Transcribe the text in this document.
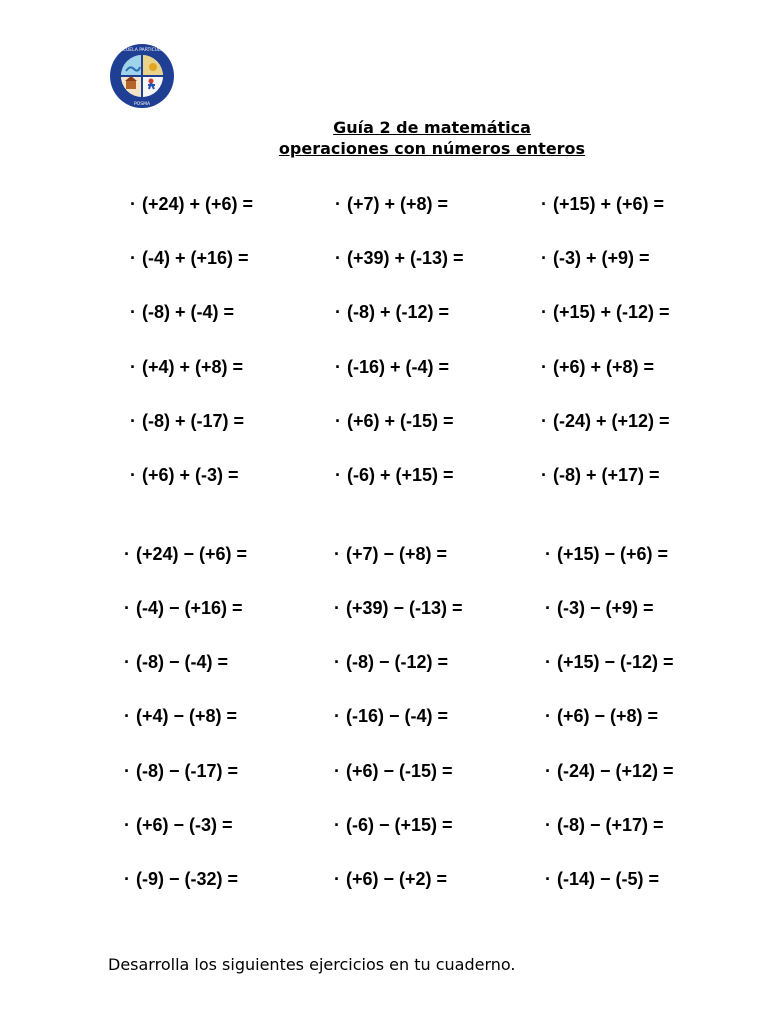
ESCUELA PARTICULAR
POSMA
Guía 2 de matemática
operaciones con números enteros
· (+24) + (+6) =	· (+7) + (+8) =	· (+15) + (+6) =
· (-4) + (+16) =	· (+39) + (-13) =	· (-3) + (+9) =
· (-8) + (-4) =	· (-8) + (-12) =	· (+15) + (-12) =
· (+4) + (+8) =	· (-16) + (-4) =	· (+6) + (+8) =
· (-8) + (-17) =	· (+6) + (-15) =	· (-24) + (+12) =
· (+6) + (-3) =	· (-6) + (+15) =	· (-8) + (+17) =
· (+24) − (+6) =	· (+7) − (+8) =	· (+15) − (+6) =
· (-4) − (+16) =	· (+39) − (-13) =	· (-3) − (+9) =
· (-8) − (-4) =	· (-8) − (-12) =	· (+15) − (-12) =
· (+4) − (+8) =	· (-16) − (-4) =	· (+6) − (+8) =
· (-8) − (-17) =	· (+6) − (-15) =	· (-24) − (+12) =
· (+6) − (-3) =	· (-6) − (+15) =	· (-8) − (+17) =
· (-9) − (-32) =	· (+6) − (+2) =	· (-14) − (-5) =
Desarrolla los siguientes ejercicios en tu cuaderno.
